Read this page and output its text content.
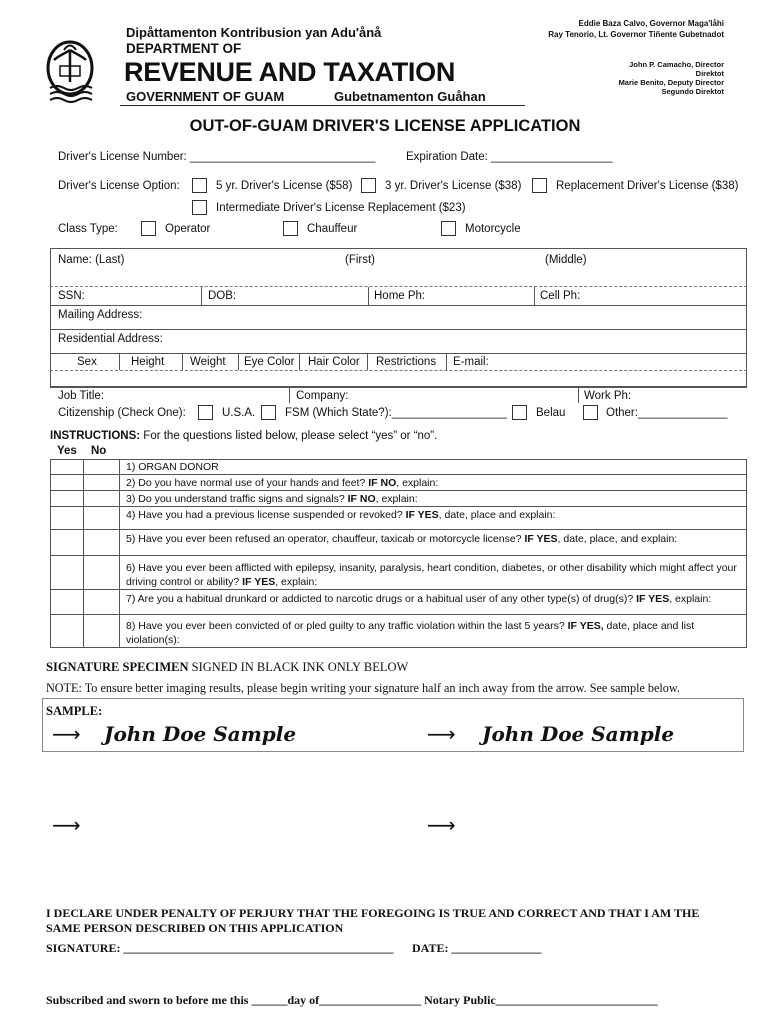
Dipåttamenton Kontribusion yan Adu'ånå
DEPARTMENT OF
REVENUE AND TAXATION
GOVERNMENT OF GUAM	Gubetnamenton Guåhan
Eddie Baza Calvo, Governor Maga'låhi
Ray Tenorio, Lt. Governor Tiñente Gubetnadot
John P. Camacho, Director
Direktot
Marie Benito, Deputy Director
Segundo Direktot
OUT-OF-GUAM DRIVER'S LICENSE APPLICATION
Driver's License Number: _____________________________	Expiration Date: ___________________
Driver's License Option:	5 yr. Driver's License ($58)	3 yr. Driver's License ($38)	Replacement Driver's License ($38)
Intermediate Driver's License Replacement ($23)
Class Type:	Operator	Chauffeur	Motorcycle
Name: (Last)	(First)	(Middle)
SSN:	DOB:	Home Ph:	Cell Ph:
Mailing Address:
Residential Address:
Sex	Height Weight Eye Color Hair Color Restrictions E-mail:
Job Title:	Company:	Work Ph:
Citizenship (Check One):	U.S.A.	FSM (Which State?):__________________	Belau	Other:______________
INSTRUCTIONS: For the questions listed below, please select “yes” or “no”.
Yes No
1) ORGAN DONOR
2) Do you have normal use of your hands and feet? IF NO, explain:
3) Do you understand traffic signs and signals? IF NO, explain:
4) Have you had a previous license suspended or revoked? IF YES, date, place and explain:
5) Have you ever been refused an operator, chauffeur, taxicab or motorcycle license? IF YES, date, place, and explain:
6) Have you ever been afflicted with epilepsy, insanity, paralysis, heart condition, diabetes, or other disability which might affect your driving control or ability? IF YES, explain:
7) Are you a habitual drunkard or addicted to narcotic drugs or a habitual user of any other type(s) of drug(s)? IF YES, explain:
8) Have you ever been convicted of or pled guilty to any traffic violation within the last 5 years? IF YES, date, place and list violation(s):
SIGNATURE SPECIMEN SIGNED IN BLACK INK ONLY BELOW
NOTE: To ensure better imaging results, please begin writing your signature half an inch away from the arrow. See sample below.
SAMPLE:
⟶ John Doe Sample	⟶ John Doe Sample
⟶	⟶
I DECLARE UNDER PENALTY OF PERJURY THAT THE FOREGOING IS TRUE AND CORRECT AND THAT I AM THE SAME PERSON DESCRIBED ON THIS APPLICATION
SIGNATURE: _____________________________________________ DATE: _______________
Subscribed and sworn to before me this ______day of_________________ Notary Public___________________________
